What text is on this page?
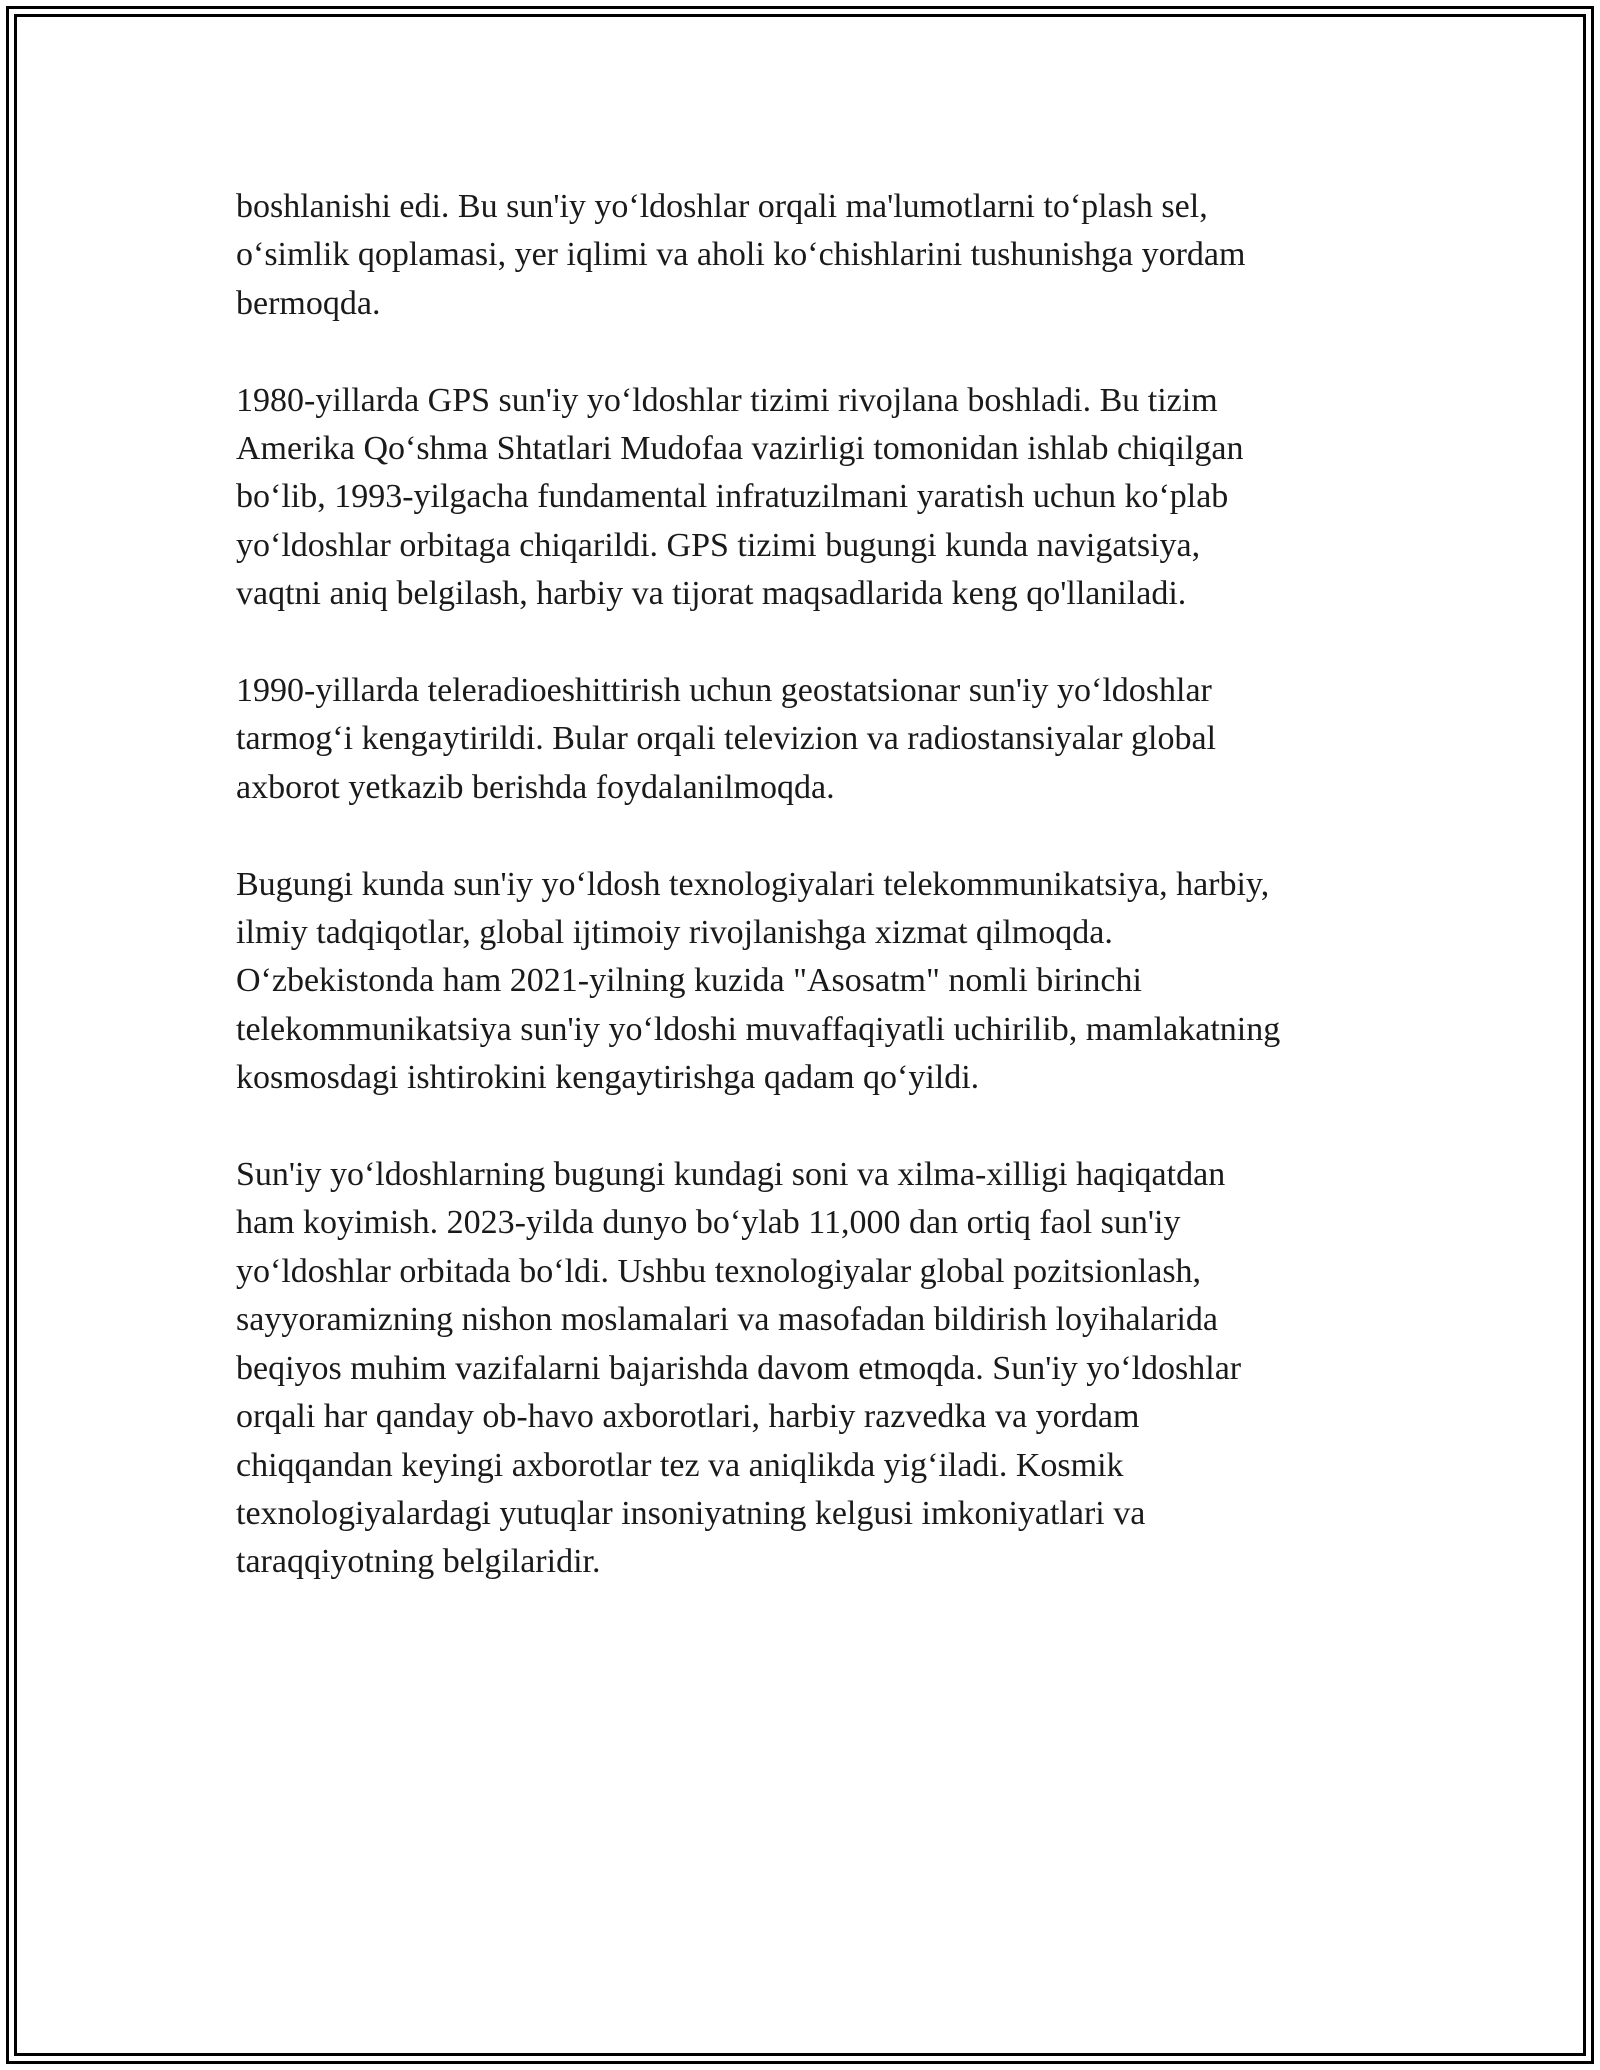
boshlanishi edi. Bu sun'iy yo‘ldoshlar orqali ma'lumotlarni to‘plash sel,
o‘simlik qoplamasi, yer iqlimi va aholi ko‘chishlarini tushunishga yordam
bermoqda.

1980-yillarda GPS sun'iy yo‘ldoshlar tizimi rivojlana boshladi. Bu tizim
Amerika Qo‘shma Shtatlari Mudofaa vazirligi tomonidan ishlab chiqilgan
bo‘lib, 1993-yilgacha fundamental infratuzilmani yaratish uchun ko‘plab
yo‘ldoshlar orbitaga chiqarildi. GPS tizimi bugungi kunda navigatsiya,
vaqtni aniq belgilash, harbiy va tijorat maqsadlarida keng qo'llaniladi.

1990-yillarda teleradioeshittirish uchun geostatsionar sun'iy yo‘ldoshlar
tarmog‘i kengaytirildi. Bular orqali televizion va radiostansiyalar global
axborot yetkazib berishda foydalanilmoqda.

Bugungi kunda sun'iy yo‘ldosh texnologiyalari telekommunikatsiya, harbiy,
ilmiy tadqiqotlar, global ijtimoiy rivojlanishga xizmat qilmoqda.
O‘zbekistonda ham 2021-yilning kuzida "Asosatm" nomli birinchi
telekommunikatsiya sun'iy yo‘ldoshi muvaffaqiyatli uchirilib, mamlakatning
kosmosdagi ishtirokini kengaytirishga qadam qo‘yildi.

Sun'iy yo‘ldoshlarning bugungi kundagi soni va xilma-xilligi haqiqatdan
ham koyimish. 2023-yilda dunyo bo‘ylab 11,000 dan ortiq faol sun'iy
yo‘ldoshlar orbitada bo‘ldi. Ushbu texnologiyalar global pozitsionlash,
sayyoramizning nishon moslamalari va masofadan bildirish loyihalarida
beqiyos muhim vazifalarni bajarishda davom etmoqda. Sun'iy yo‘ldoshlar
orqali har qanday ob-havo axborotlari, harbiy razvedka va yordam
chiqqandan keyingi axborotlar tez va aniqlikda yig‘iladi. Kosmik
texnologiyalardagi yutuqlar insoniyatning kelgusi imkoniyatlari va
taraqqiyotning belgilaridir.
